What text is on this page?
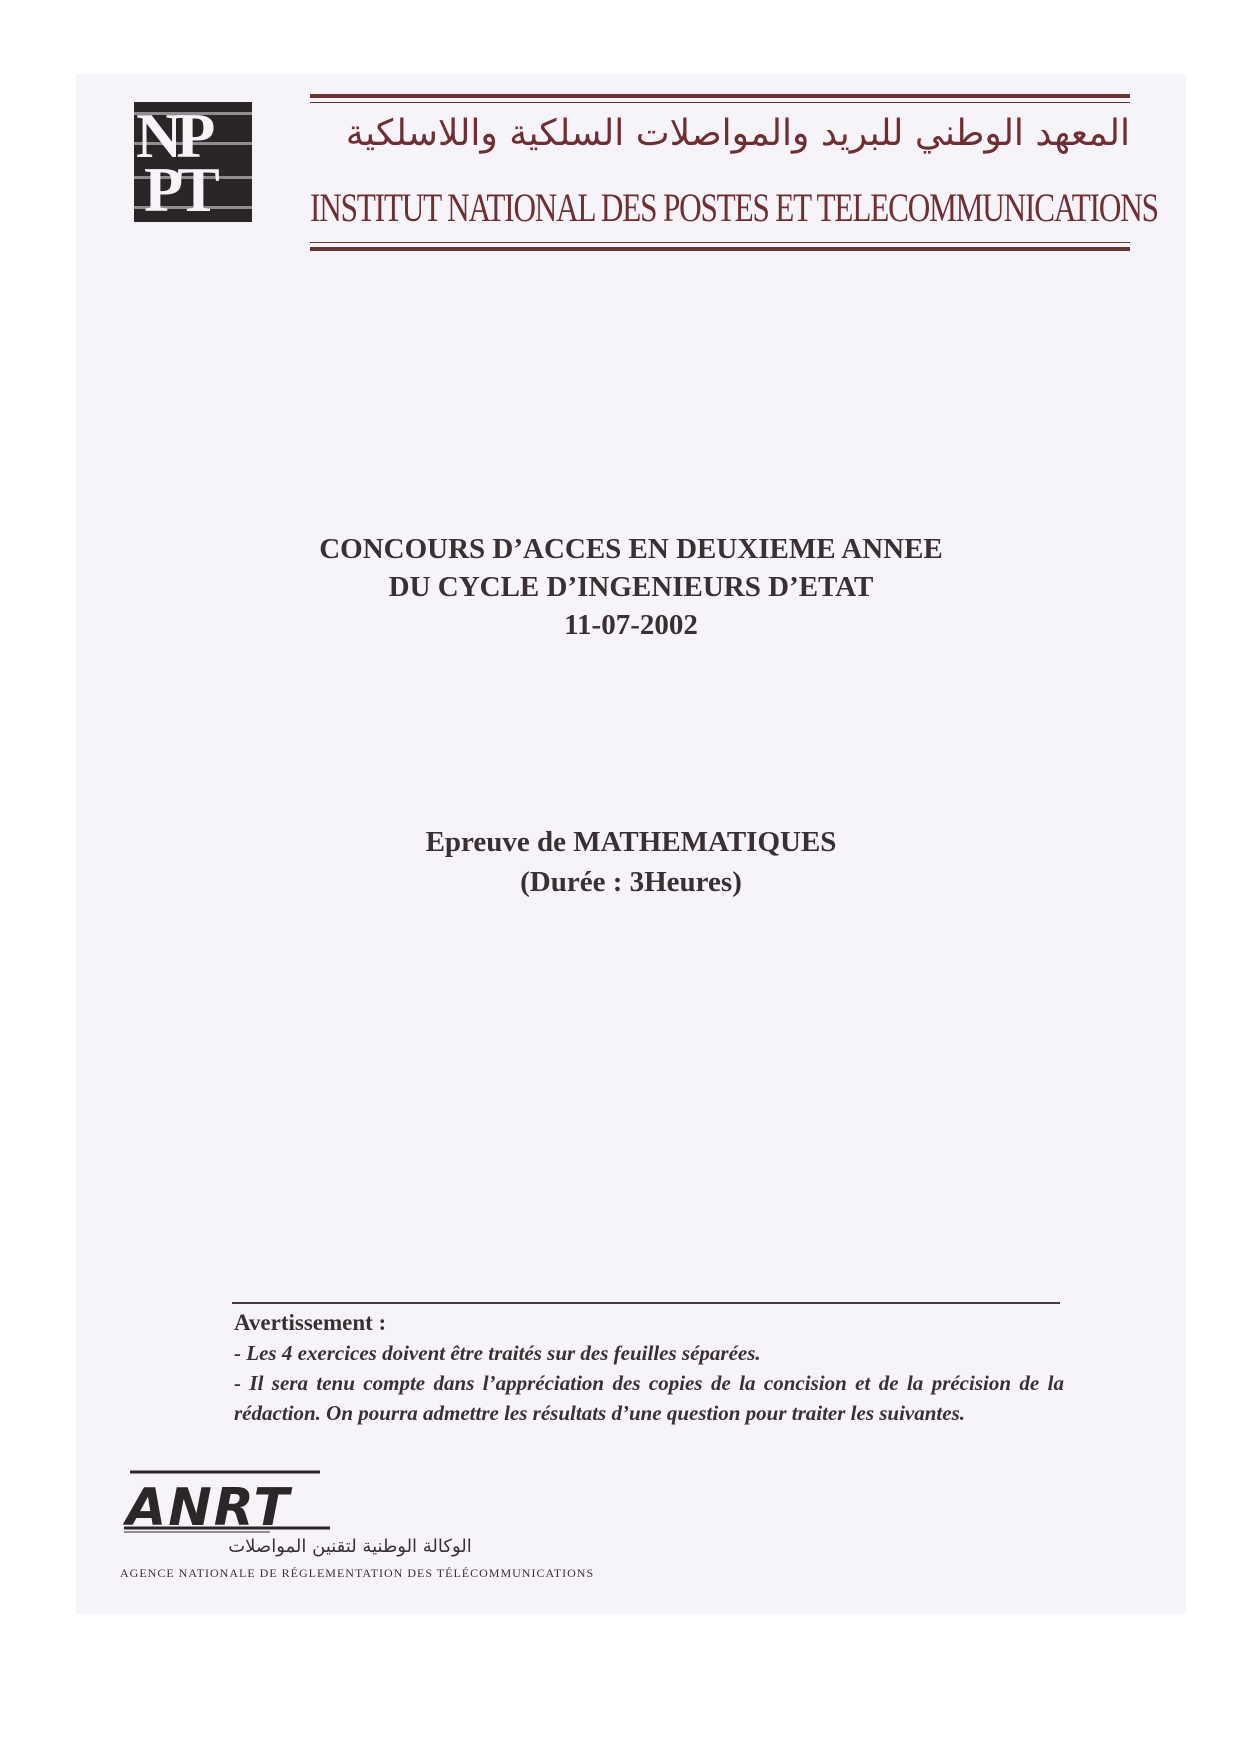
NP
PT
المعهد الوطني للبريد والمواصلات السلكية واللاسلكية
INSTITUT NATIONAL DES POSTES ET TELECOMMUNICATIONS
CONCOURS D’ACCES EN DEUXIEME ANNEE
DU CYCLE D’INGENIEURS D’ETAT
11-07-2002
Epreuve de MATHEMATIQUES
(Durée : 3Heures)
Avertissement :

- Les 4 exercices doivent être traités sur des feuilles séparées.

- Il sera tenu compte dans l’appréciation des copies de la concision et de la précision de la rédaction. On pourra admettre les résultats d’une question pour traiter les suivantes.

ANRT
الوكالة الوطنية لتقنين المواصلات
AGENCE NATIONALE DE RÉGLEMENTATION DES TÉLÉCOMMUNICATIONS
